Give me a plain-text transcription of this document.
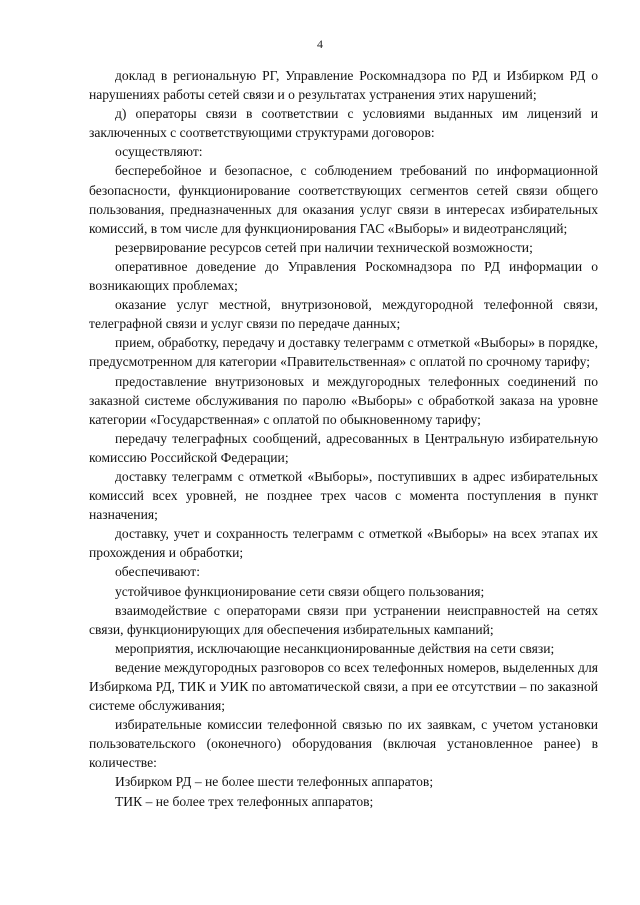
4

доклад в региональную РГ, Управление Роскомнадзора по РД и Избирком РД о нарушениях работы сетей связи и о результатах устранения этих нарушений;

д) операторы связи в соответствии с условиями выданных им лицензий и заключенных с соответствующими структурами договоров:

осуществляют:

бесперебойное и безопасное, с соблюдением требований по информационной безопасности, функционирование соответствующих сегментов сетей связи общего пользования, предназначенных для оказания услуг связи в интересах избирательных комиссий, в том числе для функционирования ГАС «Выборы» и видеотрансляций;

резервирование ресурсов сетей при наличии технической возможности;

оперативное доведение до Управления Роскомнадзора по РД информации о возникающих проблемах;

оказание услуг местной, внутризоновой, междугородной телефонной связи, телеграфной связи и услуг связи по передаче данных;

прием, обработку, передачу и доставку телеграмм с отметкой «Выборы» в порядке, предусмотренном для категории «Правительственная» с оплатой по срочному тарифу;

предоставление внутризоновых и междугородных телефонных соединений по заказной системе обслуживания по паролю «Выборы» с обработкой заказа на уровне категории «Государственная» с оплатой по обыкновенному тарифу;

передачу телеграфных сообщений, адресованных в Центральную избирательную комиссию Российской Федерации;

доставку телеграмм с отметкой «Выборы», поступивших в адрес избирательных комиссий всех уровней, не позднее трех часов с момента поступления в пункт назначения;

доставку, учет и сохранность телеграмм с отметкой «Выборы» на всех этапах их прохождения и обработки;

обеспечивают:

устойчивое функционирование сети связи общего пользования;

взаимодействие с операторами связи при устранении неисправностей на сетях связи, функционирующих для обеспечения избирательных кампаний;

мероприятия, исключающие несанкционированные действия на сети связи;

ведение междугородных разговоров со всех телефонных номеров, выделенных для Избиркома РД, ТИК и УИК по автоматической связи, а при ее отсутствии – по заказной системе обслуживания;

избирательные комиссии телефонной связью по их заявкам, с учетом установки пользовательского (оконечного) оборудования (включая установленное ранее) в количестве:

Избирком РД – не более шести телефонных аппаратов;

ТИК – не более трех телефонных аппаратов;
